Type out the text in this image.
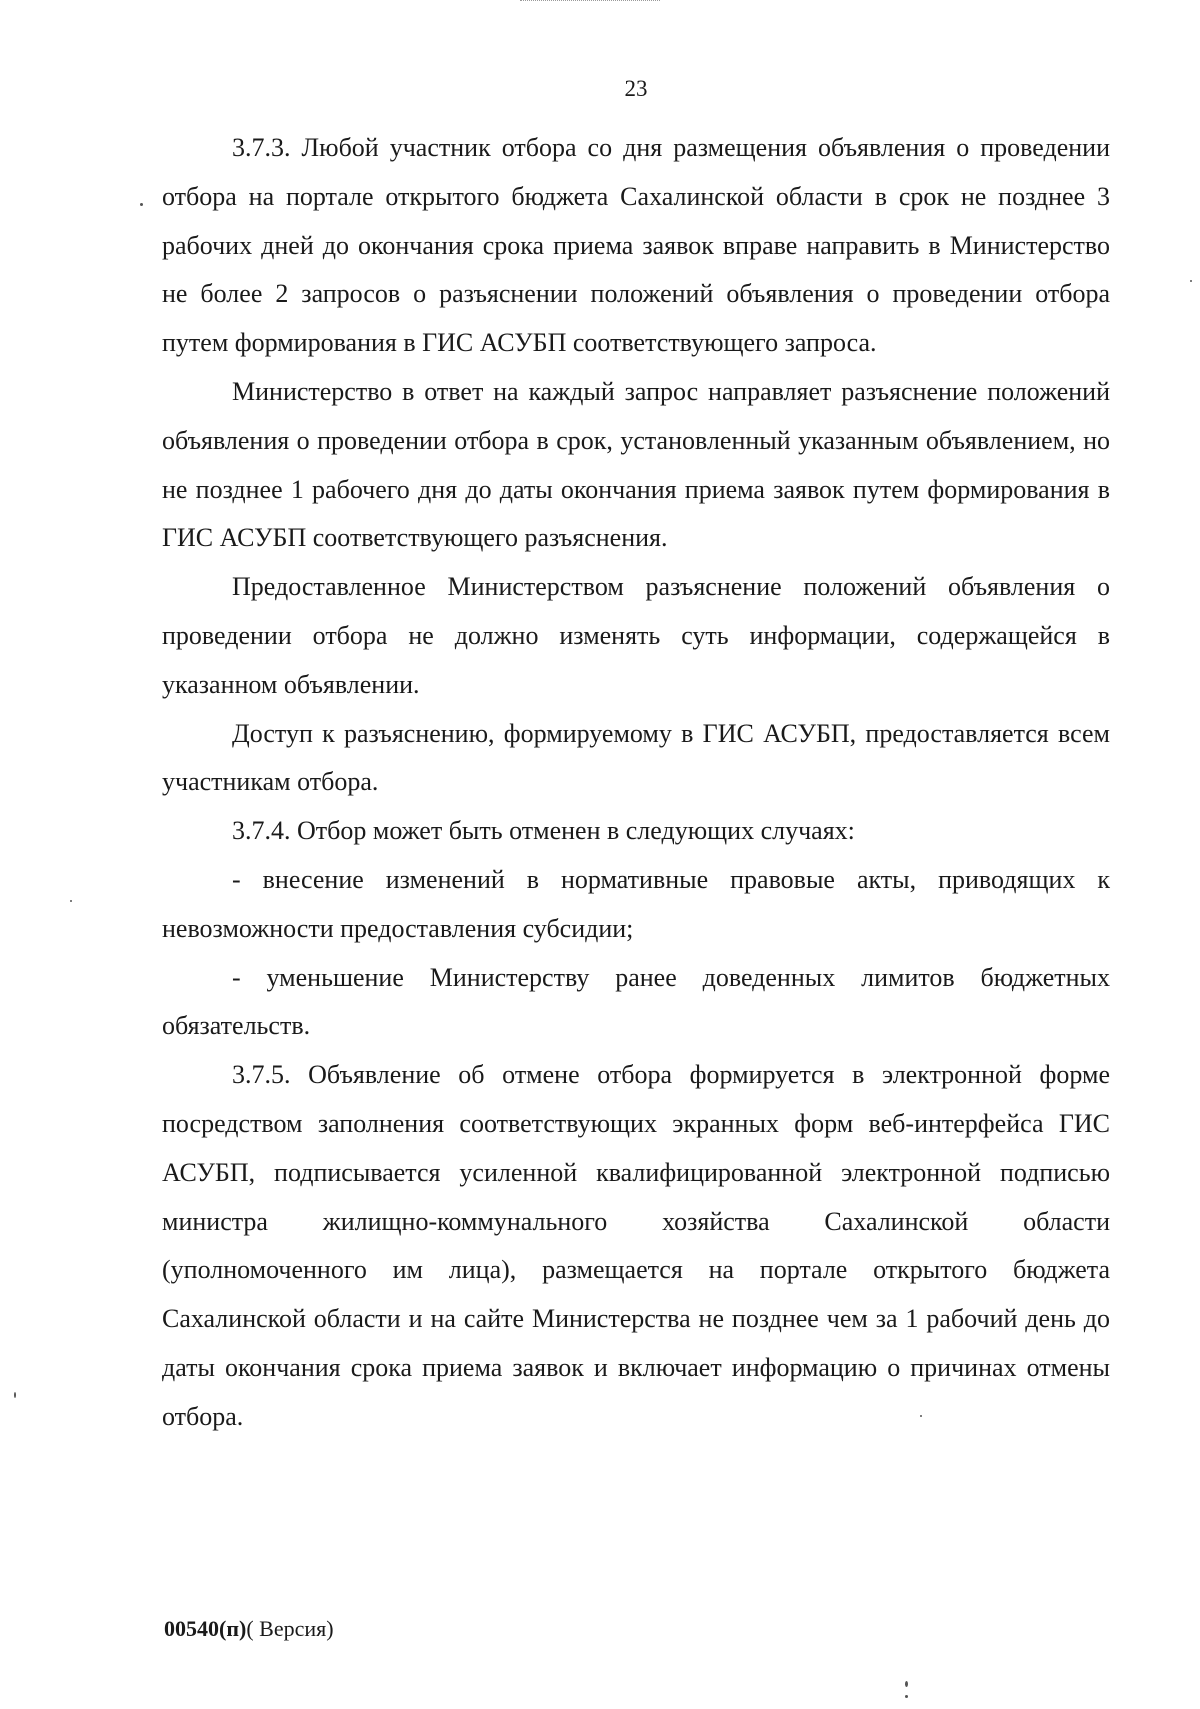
23

3.7.3. Любой участник отбора со дня размещения объявления о проведении отбора на портале открытого бюджета Сахалинской области в срок не позднее 3 рабочих дней до окончания срока приема заявок вправе направить в Министерство не более 2 запросов о разъяснении положений объявления о проведении отбора путем формирования в ГИС АСУБП соответствующего запроса.

Министерство в ответ на каждый запрос направляет разъяснение положений объявления о проведении отбора в срок, установленный указанным объявлением, но не позднее 1 рабочего дня до даты окончания приема заявок путем формирования в ГИС АСУБП соответствующего разъяснения.

Предоставленное Министерством разъяснение положений объявления о проведении отбора не должно изменять суть информации, содержащейся в указанном объявлении.

Доступ к разъяснению, формируемому в ГИС АСУБП, предоставляется всем участникам отбора.

3.7.4. Отбор может быть отменен в следующих случаях:

- внесение изменений в нормативные правовые акты, приводящих к невозможности предоставления субсидии;

- уменьшение Министерству ранее доведенных лимитов бюджетных обязательств.

3.7.5. Объявление об отмене отбора формируется в электронной форме посредством заполнения соответствующих экранных форм веб-интерфейса ГИС АСУБП, подписывается усиленной квалифицированной электронной подписью министра жилищно-коммунального хозяйства Сахалинской области (уполномоченного им лица), размещается на портале открытого бюджета Сахалинской области и на сайте Министерства не позднее чем за 1 рабочий день до даты окончания срока приема заявок и включает информацию о причинах отмены отбора.

00540(п)( Версия)
